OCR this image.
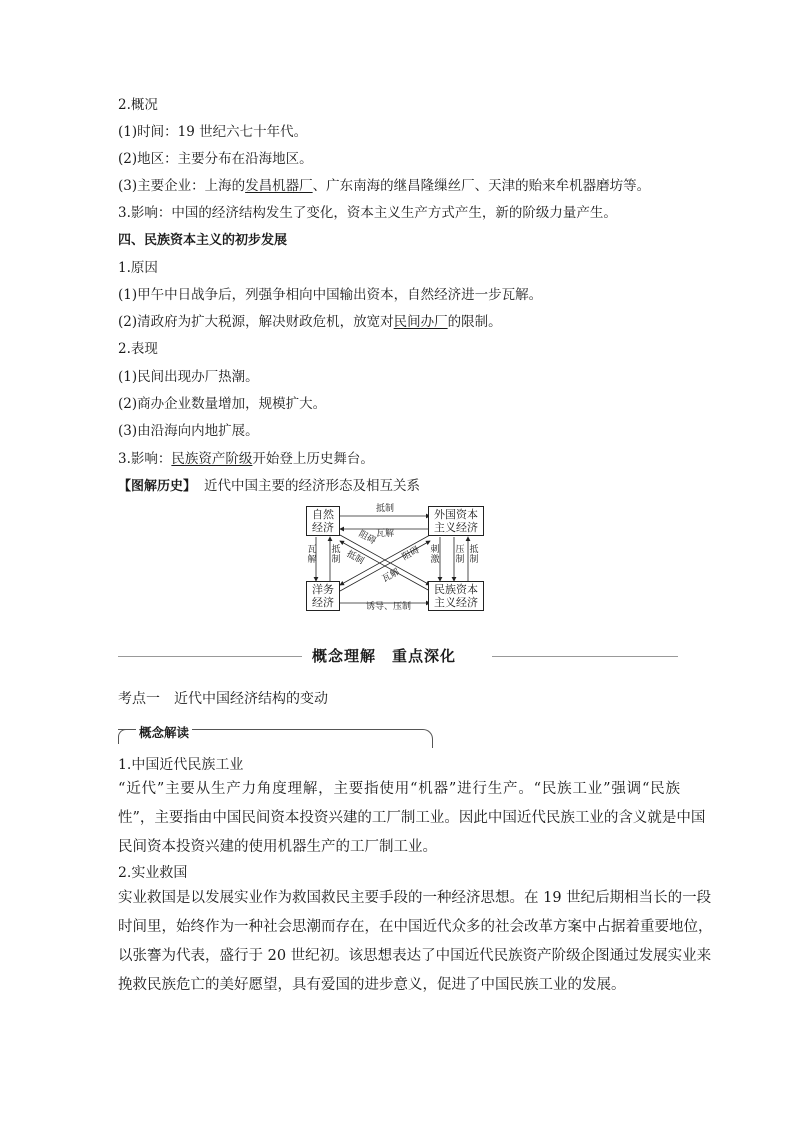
2.概况
(1)时间：19 世纪六七十年代。
(2)地区：主要分布在沿海地区。
(3)主要企业：上海的发昌机器厂、广东南海的继昌隆缫丝厂、天津的贻来牟机器磨坊等。
3.影响：中国的经济结构发生了变化，资本主义生产方式产生，新的阶级力量产生。
四、民族资本主义的初步发展
1.原因
(1)甲午中日战争后，列强争相向中国输出资本，自然经济进一步瓦解。
(2)清政府为扩大税源，解决财政危机，放宽对民间办厂的限制。
2.表现
(1)民间出现办厂热潮。
(2)商办企业数量增加，规模扩大。
(3)由沿海向内地扩展。
3.影响：民族资产阶级开始登上历史舞台。
【图解历史】 近代中国主要的经济形态及相互关系
自然
经济
外国资本
主义经济
洋务
经济
民族资本
主义经济
抵制
瓦解
瓦解
抵制
刺激
压制
抵制
诱导、压制
阻碍
抵制	阻碍
瓦解
概念理解　重点深化
考点一　近代中国经济结构的变动
概念解读
1.中国近代民族工业
“近代”主要从生产力角度理解，主要指使用“机器”进行生产。“民族工业”强调“民族
性”，主要指由中国民间资本投资兴建的工厂制工业。因此中国近代民族工业的含义就是中国
民间资本投资兴建的使用机器生产的工厂制工业。
2.实业救国
实业救国是以发展实业作为救国救民主要手段的一种经济思想。在 19 世纪后期相当长的一段
时间里，始终作为一种社会思潮而存在，在中国近代众多的社会改革方案中占据着重要地位，
以张謇为代表，盛行于 20 世纪初。该思想表达了中国近代民族资产阶级企图通过发展实业来
挽救民族危亡的美好愿望，具有爱国的进步意义，促进了中国民族工业的发展。
